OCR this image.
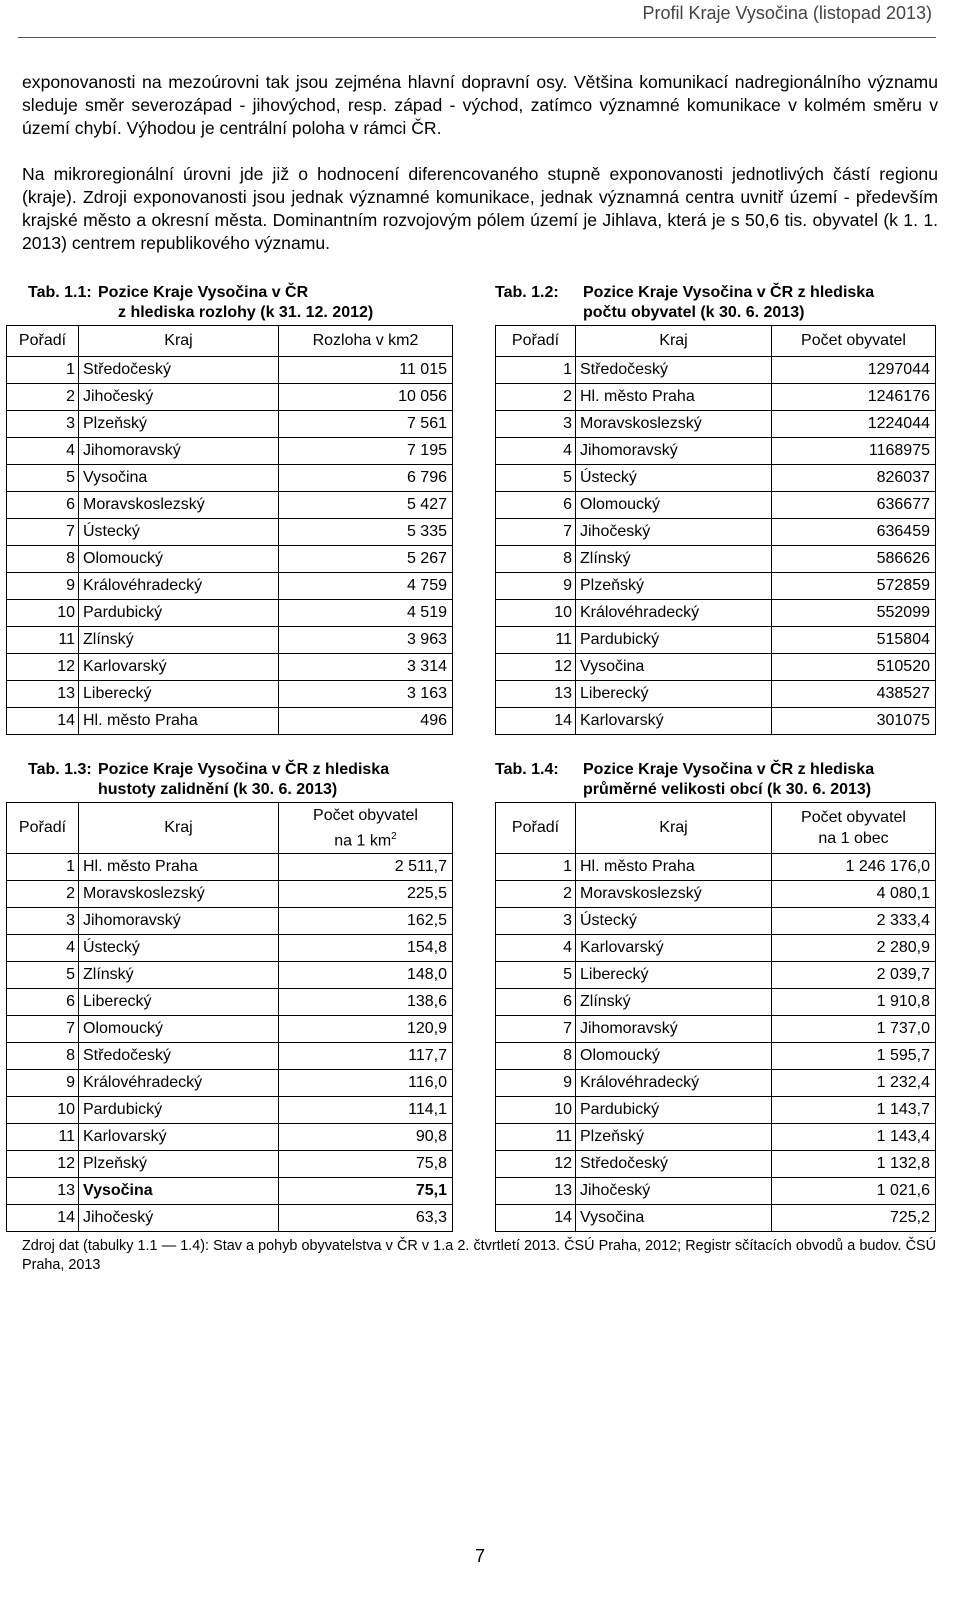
Profil Kraje Vysočina (listopad 2013)

exponovanosti na mezoúrovni tak jsou zejména hlavní dopravní osy. Většina komunikací nadregionálního významu sleduje směr severozápad - jihovýchod, resp. západ - východ, zatímco významné komunikace v kolmém směru v území chybí. Výhodou je centrální poloha v rámci ČR.

Na mikroregionální úrovni jde již o hodnocení diferencovaného stupně exponovanosti jednotlivých částí regionu (kraje). Zdroji exponovanosti jsou jednak významné komunikace, jednak významná centra uvnitř území - především krajské město a okresní města. Dominantním rozvojovým pólem území je Jihlava, která je s 50,6 tis. obyvatel (k 1. 1. 2013) centrem republikového významu.

Tab. 1.1: Pozice Kraje Vysočina v ČR
z hlediska rozlohy (k 31. 12. 2012)
Pořadí	Kraj	Rozloha v km2
1	Středočeský	11 015
2	Jihočeský	10 056
3	Plzeňský	7 561
4	Jihomoravský	7 195
5	Vysočina	6 796
6	Moravskoslezský	5 427
7	Ústecký	5 335
8	Olomoucký	5 267
9	Královéhradecký	4 759
10	Pardubický	4 519
11	Zlínský	3 963
12	Karlovarský	3 314
13	Liberecký	3 163
14	Hl. město Praha	496
Tab. 1.2: Pozice Kraje Vysočina v ČR z hlediska
počtu obyvatel (k 30. 6. 2013)
Pořadí	Kraj	Počet obyvatel
1	Středočeský	1297044
2	Hl. město Praha	1246176
3	Moravskoslezský	1224044
4	Jihomoravský	1168975
5	Ústecký	826037
6	Olomoucký	636677
7	Jihočeský	636459
8	Zlínský	586626
9	Plzeňský	572859
10	Královéhradecký	552099
11	Pardubický	515804
12	Vysočina	510520
13	Liberecký	438527
14	Karlovarský	301075
Tab. 1.3: Pozice Kraje Vysočina v ČR z hlediska
hustoty zalidnění (k 30. 6. 2013)
Pořadí	Kraj	Počet obyvatel
na 1 $km^2$
1	Hl. město Praha	2 511,7
2	Moravskoslezský	225,5
3	Jihomoravský	162,5
4	Ústecký	154,8
5	Zlínský	148,0
6	Liberecký	138,6
7	Olomoucký	120,9
8	Středočeský	117,7
9	Královéhradecký	116,0
10	Pardubický	114,1
11	Karlovarský	90,8
12	Plzeňský	75,8
13	Vysočina	75,1
14	Jihočeský	63,3
Tab. 1.4: Pozice Kraje Vysočina v ČR z hlediska
průměrné velikosti obcí (k 30. 6. 2013)
Pořadí	Kraj	Počet obyvatel
na 1 obec
1	Hl. město Praha	1 246 176,0
2	Moravskoslezský	4 080,1
3	Ústecký	2 333,4
4	Karlovarský	2 280,9
5	Liberecký	2 039,7
6	Zlínský	1 910,8
7	Jihomoravský	1 737,0
8	Olomoucký	1 595,7
9	Královéhradecký	1 232,4
10	Pardubický	1 143,7
11	Plzeňský	1 143,4
12	Středočeský	1 132,8
13	Jihočeský	1 021,6
14	Vysočina	725,2
Zdroj dat (tabulky 1.1 — 1.4): Stav a pohyb obyvatelstva v ČR v 1.a 2. čtvrtletí 2013. ČSÚ Praha, 2012; Registr sčítacích obvodů a budov. ČSÚ Praha, 2013
7
